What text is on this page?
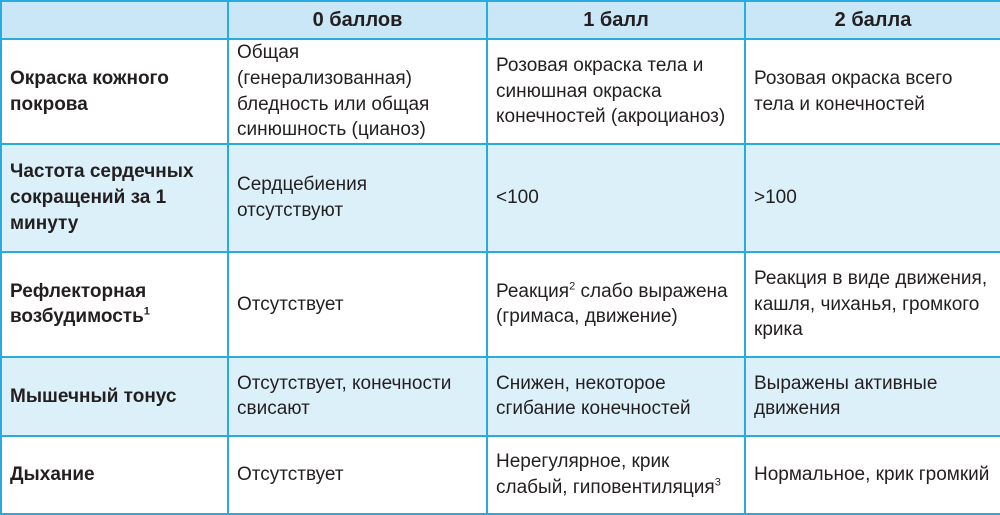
	0 баллов	1 балл	2 балла
Окраска кожного покрова	Общая (генерализованная) бледность или общая синюшность (цианоз)	Розовая окраска тела и синюшная окраска конечностей (акроцианоз)	Розовая окраска всего тела и конечностей
Частота сердечных сокращений за 1 минуту	Сердцебиения отсутствуют	<100	>100
Рефлекторная возбудимость$^1$	Отсутствует	Реакция$^2$ слабо выражена (гримаса, движение)	Реакция в виде движения, кашля, чиханья, громкого крика
Мышечный тонус	Отсутствует, конечности свисают	Снижен, некоторое сгибание конечностей	Выражены активные движения
Дыхание	Отсутствует	Нерегулярное, крик слабый, гиповентиляция$^3$	Нормальное, крик громкий
